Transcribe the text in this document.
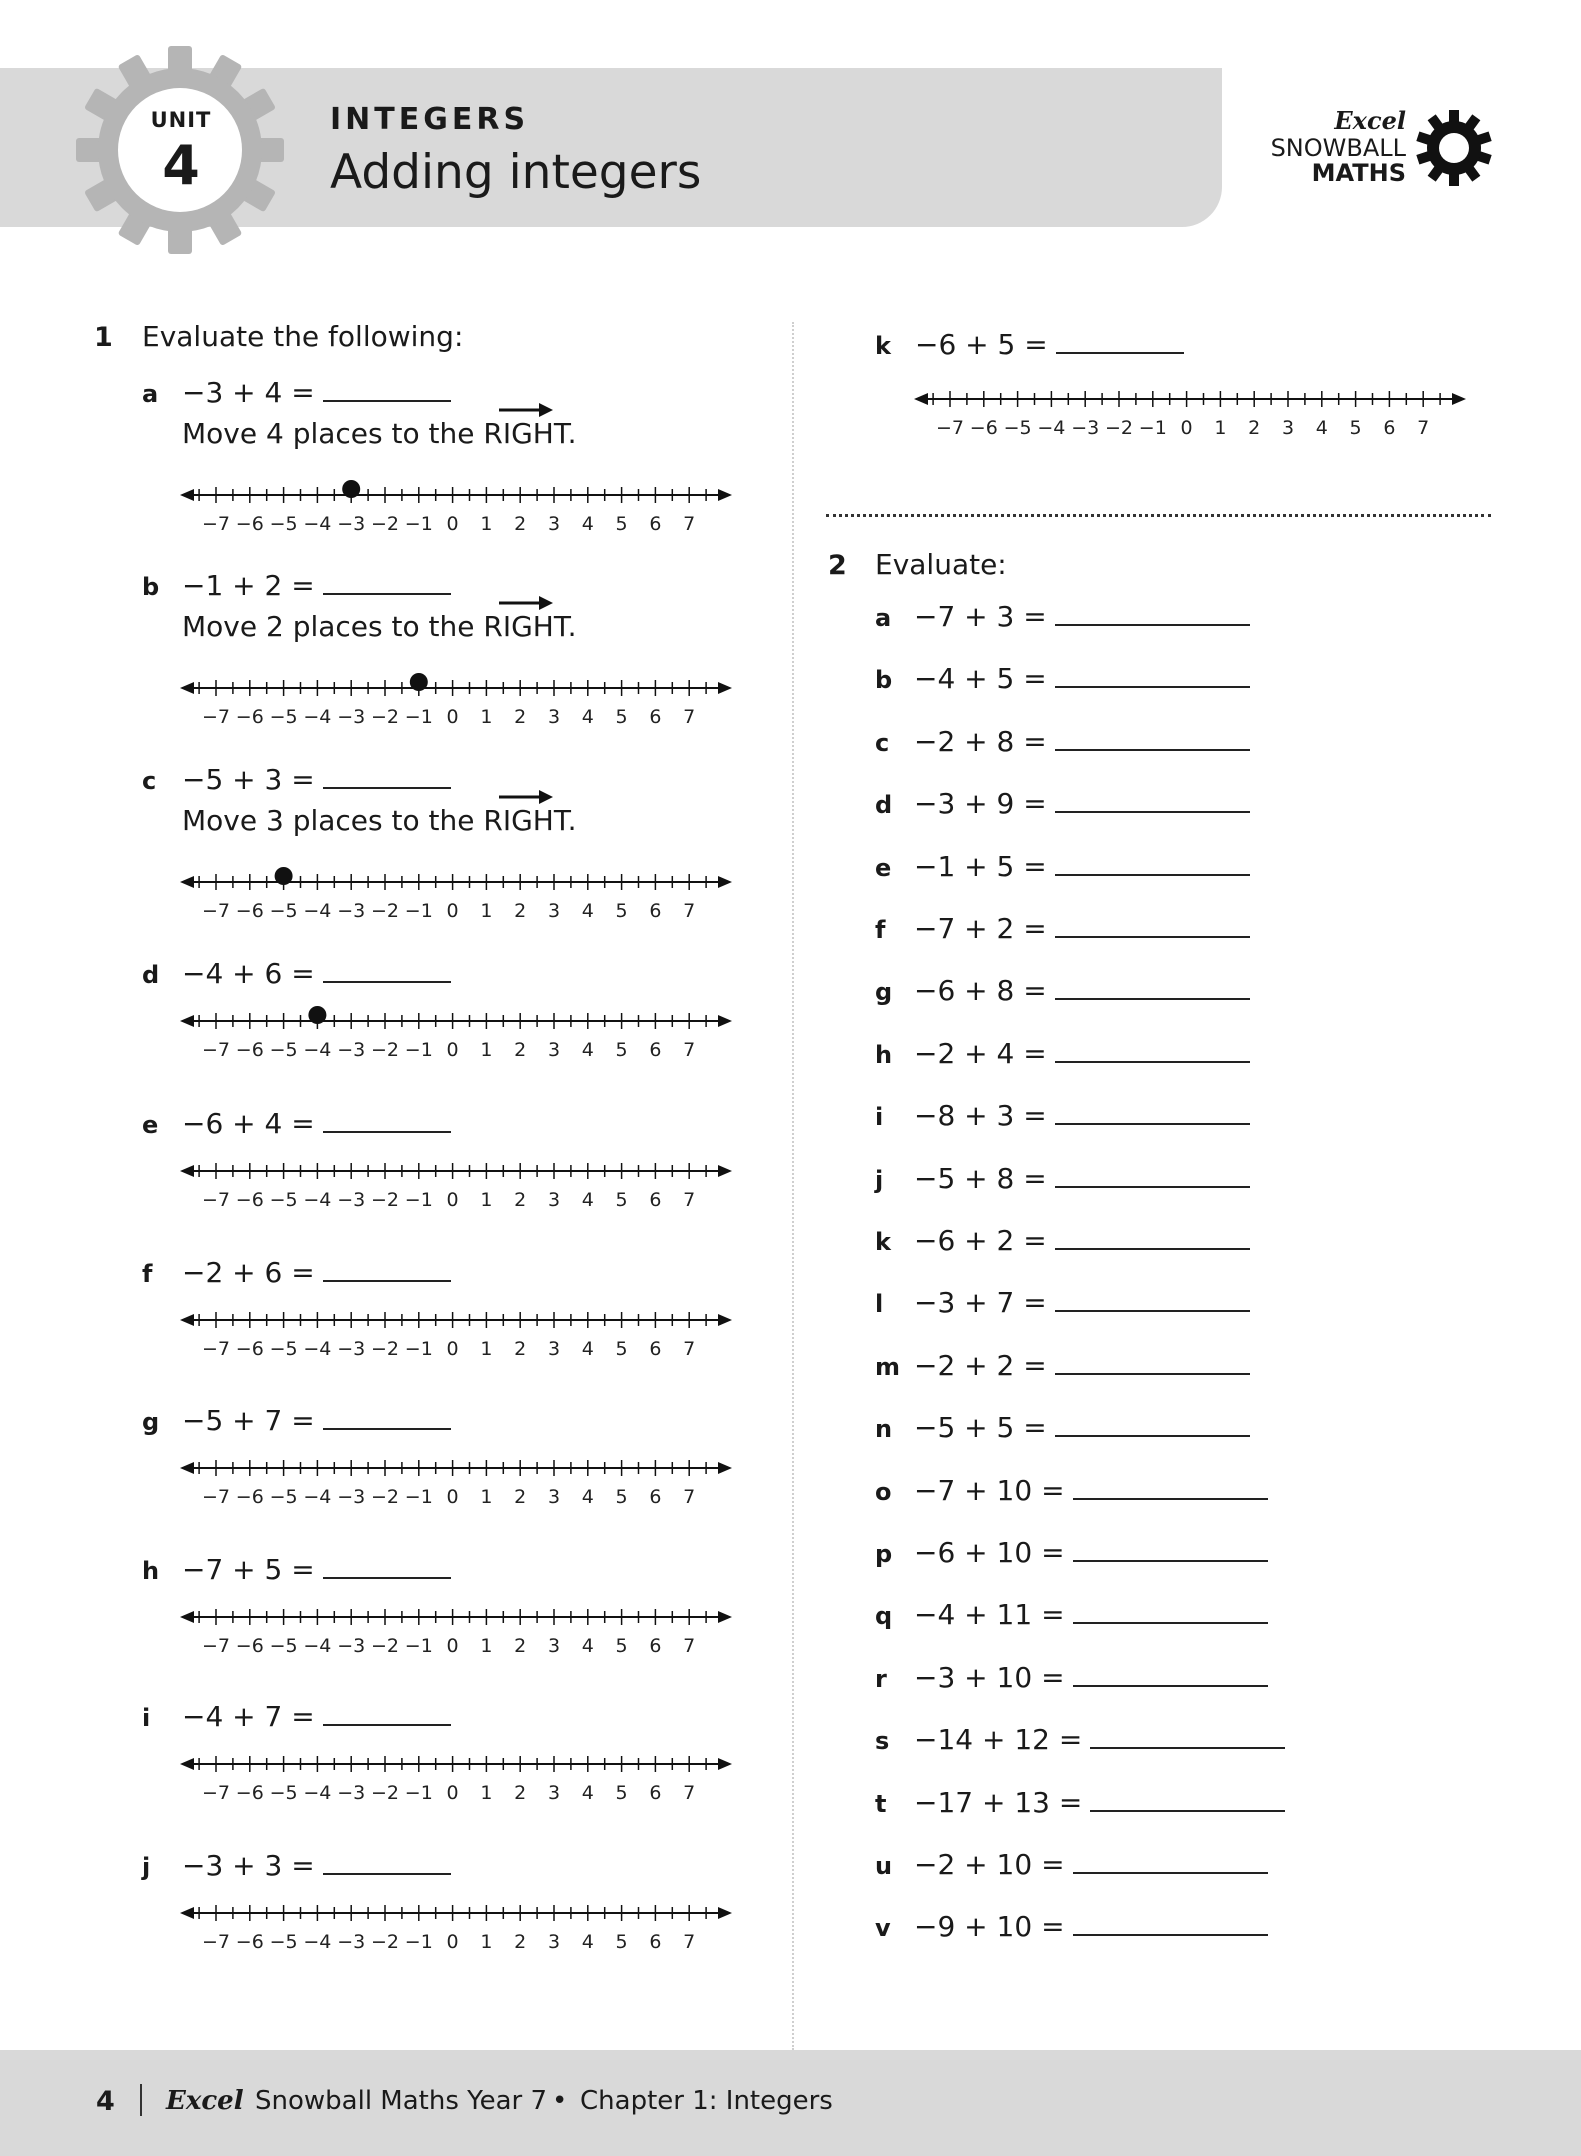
UNIT
4
INTEGERS
Adding integers
Excel
SNOWBALL
MATHS
1 Evaluate the following:
2 Evaluate:
a −3 + 4 =
Move 4 places to the RIGHT.
−7 −6 −5 −4 −3 −2 −1 0 1 2 3 4 5 6 7
b −1 + 2 =
Move 2 places to the RIGHT.
−7 −6 −5 −4 −3 −2 −1 0 1 2 3 4 5 6 7
c −5 + 3 =
Move 3 places to the RIGHT.
−7 −6 −5 −4 −3 −2 −1 0 1 2 3 4 5 6 7
d −4 + 6 =
−7 −6 −5 −4 −3 −2 −1 0 1 2 3 4 5 6 7
e −6 + 4 =
−7 −6 −5 −4 −3 −2 −1 0 1 2 3 4 5 6 7
f −2 + 6 =
−7 −6 −5 −4 −3 −2 −1 0 1 2 3 4 5 6 7
g −5 + 7 =
−7 −6 −5 −4 −3 −2 −1 0 1 2 3 4 5 6 7
h −7 + 5 =
−7 −6 −5 −4 −3 −2 −1 0 1 2 3 4 5 6 7
i −4 + 7 =
−7 −6 −5 −4 −3 −2 −1 0 1 2 3 4 5 6 7
j −3 + 3 =
−7 −6 −5 −4 −3 −2 −1 0 1 2 3 4 5 6 7
k −6 + 5 =
−7 −6 −5 −4 −3 −2 −1 0 1 2 3 4 5 6 7
a −7 + 3 =
b −4 + 5 =
c −2 + 8 =
d −3 + 9 =
e −1 + 5 =
f −7 + 2 =
g −6 + 8 =
h −2 + 4 =
i −8 + 3 =
j −5 + 8 =
k −6 + 2 =
l −3 + 7 =
m −2 + 2 =
n −5 + 5 =
o −7 + 10 =
p −6 + 10 =
q −4 + 11 =
r −3 + 10 =
s −14 + 12 =
t −17 + 13 =
u −2 + 10 =
v −9 + 10 =
4 Excel Snowball Maths Year 7 • Chapter 1: Integers
